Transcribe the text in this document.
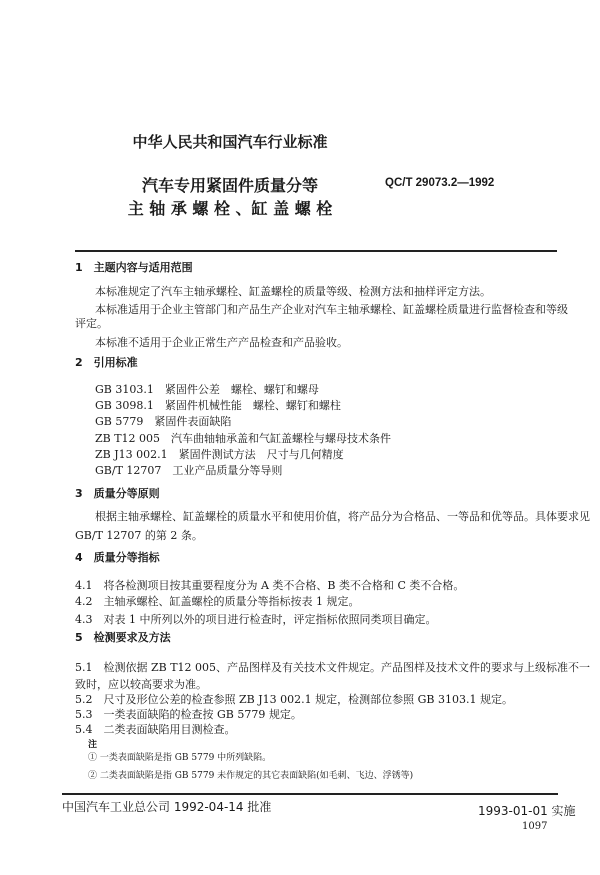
中华人民共和国汽车行业标准
QC/T 29073.2—1992
汽车专用紧固件质量分等
主 轴 承 螺 栓 、缸 盖 螺 栓
1　主题内容与适用范围
本标准规定了汽车主轴承螺栓、缸盖螺栓的质量等级、检测方法和抽样评定方法。
本标准适用于企业主管部门和产品生产企业对汽车主轴承螺栓、缸盖螺栓质量进行监督检查和等级
评定。
本标准不适用于企业正常生产产品检查和产品验收。
2　引用标准
GB 3103.1　紧固件公差　螺栓、螺钉和螺母
GB 3098.1　紧固件机械性能　螺栓、螺钉和螺柱
GB 5779　紧固件表面缺陷
ZB T12 005　汽车曲轴轴承盖和气缸盖螺栓与螺母技术条件
ZB J13 002.1　紧固件测试方法　尺寸与几何精度
GB/T 12707　工业产品质量分等导则
3　质量分等原则
根据主轴承螺栓、缸盖螺栓的质量水平和使用价值，将产品分为合格品、一等品和优等品。具体要求见
GB/T 12707 的第 2 条。
4　质量分等指标
4.1　将各检测项目按其重要程度分为 A 类不合格、B 类不合格和 C 类不合格。
4.2　主轴承螺栓、缸盖螺栓的质量分等指标按表 1 规定。
4.3　对表 1 中所列以外的项目进行检查时，评定指标依照同类项目确定。
5　检测要求及方法
5.1　检测依据 ZB T12 005、产品图样及有关技术文件规定。产品图样及技术文件的要求与上级标准不一
致时，应以较高要求为准。
5.2　尺寸及形位公差的检查参照 ZB J13 002.1 规定，检测部位参照 GB 3103.1 规定。
5.3　一类表面缺陷的检查按 GB 5779 规定。
5.4　二类表面缺陷用目测检查。
注
① 一类表面缺陷是指 GB 5779 中所列缺陷。
② 二类表面缺陷是指 GB 5779 未作规定的其它表面缺陷(如毛刺、飞边、浮锈等)
中国汽车工业总公司 1992-04-14 批准	1993-01-01 实施
1097
